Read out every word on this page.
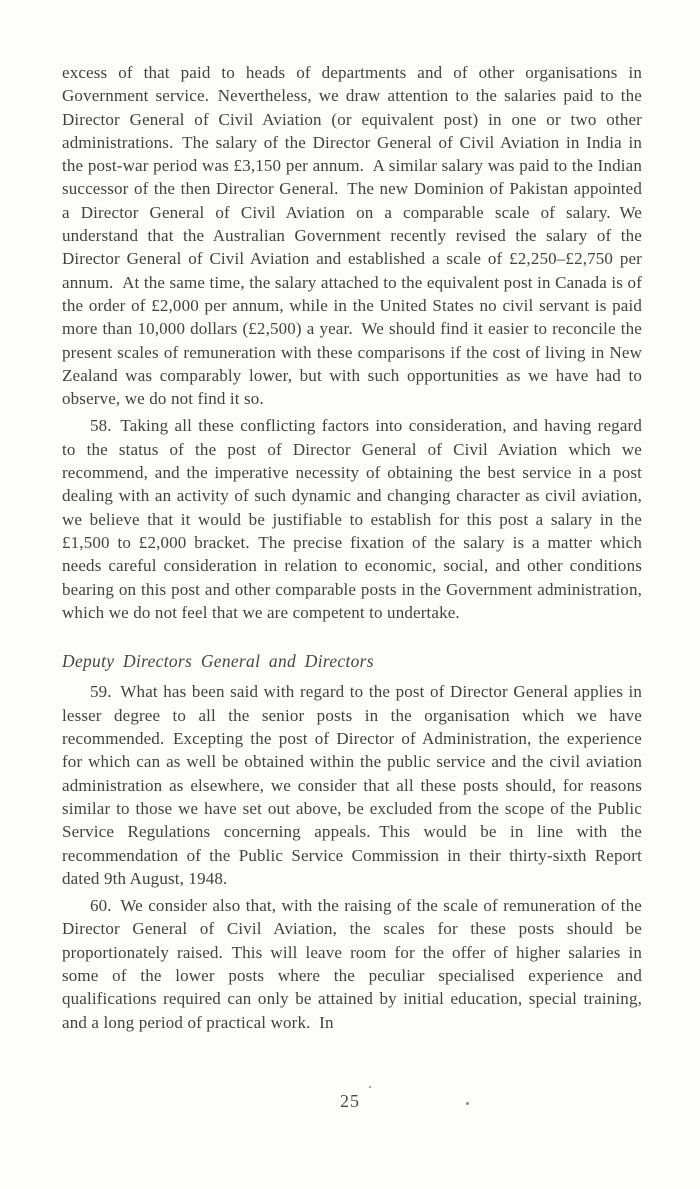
excess of that paid to heads of departments and of other organisations in Government service. Nevertheless, we draw attention to the salaries paid to the Director General of Civil Aviation (or equivalent post) in one or two other administrations. The salary of the Director General of Civil Aviation in India in the post-war period was £3,150 per annum. A similar salary was paid to the Indian successor of the then Director General. The new Dominion of Pakistan appointed a Director General of Civil Aviation on a comparable scale of salary. We understand that the Australian Government recently revised the salary of the Director General of Civil Aviation and established a scale of £2,250–£2,750 per annum. At the same time, the salary attached to the equivalent post in Canada is of the order of £2,000 per annum, while in the United States no civil servant is paid more than 10,000 dollars (£2,500) a year. We should find it easier to reconcile the present scales of remuneration with these comparisons if the cost of living in New Zealand was comparably lower, but with such opportunities as we have had to observe, we do not find it so.

58. Taking all these conflicting factors into consideration, and having regard to the status of the post of Director General of Civil Aviation which we recommend, and the imperative necessity of obtaining the best service in a post dealing with an activity of such dynamic and changing character as civil aviation, we believe that it would be justifiable to establish for this post a salary in the £1,500 to £2,000 bracket. The precise fixation of the salary is a matter which needs careful consideration in relation to economic, social, and other conditions bearing on this post and other comparable posts in the Government administration, which we do not feel that we are competent to undertake.

Deputy Directors General and Directors

59. What has been said with regard to the post of Director General applies in lesser degree to all the senior posts in the organisation which we have recommended. Excepting the post of Director of Administration, the experience for which can as well be obtained within the public service and the civil aviation administration as elsewhere, we consider that all these posts should, for reasons similar to those we have set out above, be excluded from the scope of the Public Service Regulations concerning appeals. This would be in line with the recommendation of the Public Service Commission in their thirty-sixth Report dated 9th August, 1948.

60. We consider also that, with the raising of the scale of remuneration of the Director General of Civil Aviation, the scales for these posts should be proportionately raised. This will leave room for the offer of higher salaries in some of the lower posts where the peculiar specialised experience and qualifications required can only be attained by initial education, special training, and a long period of practical work. In

25
